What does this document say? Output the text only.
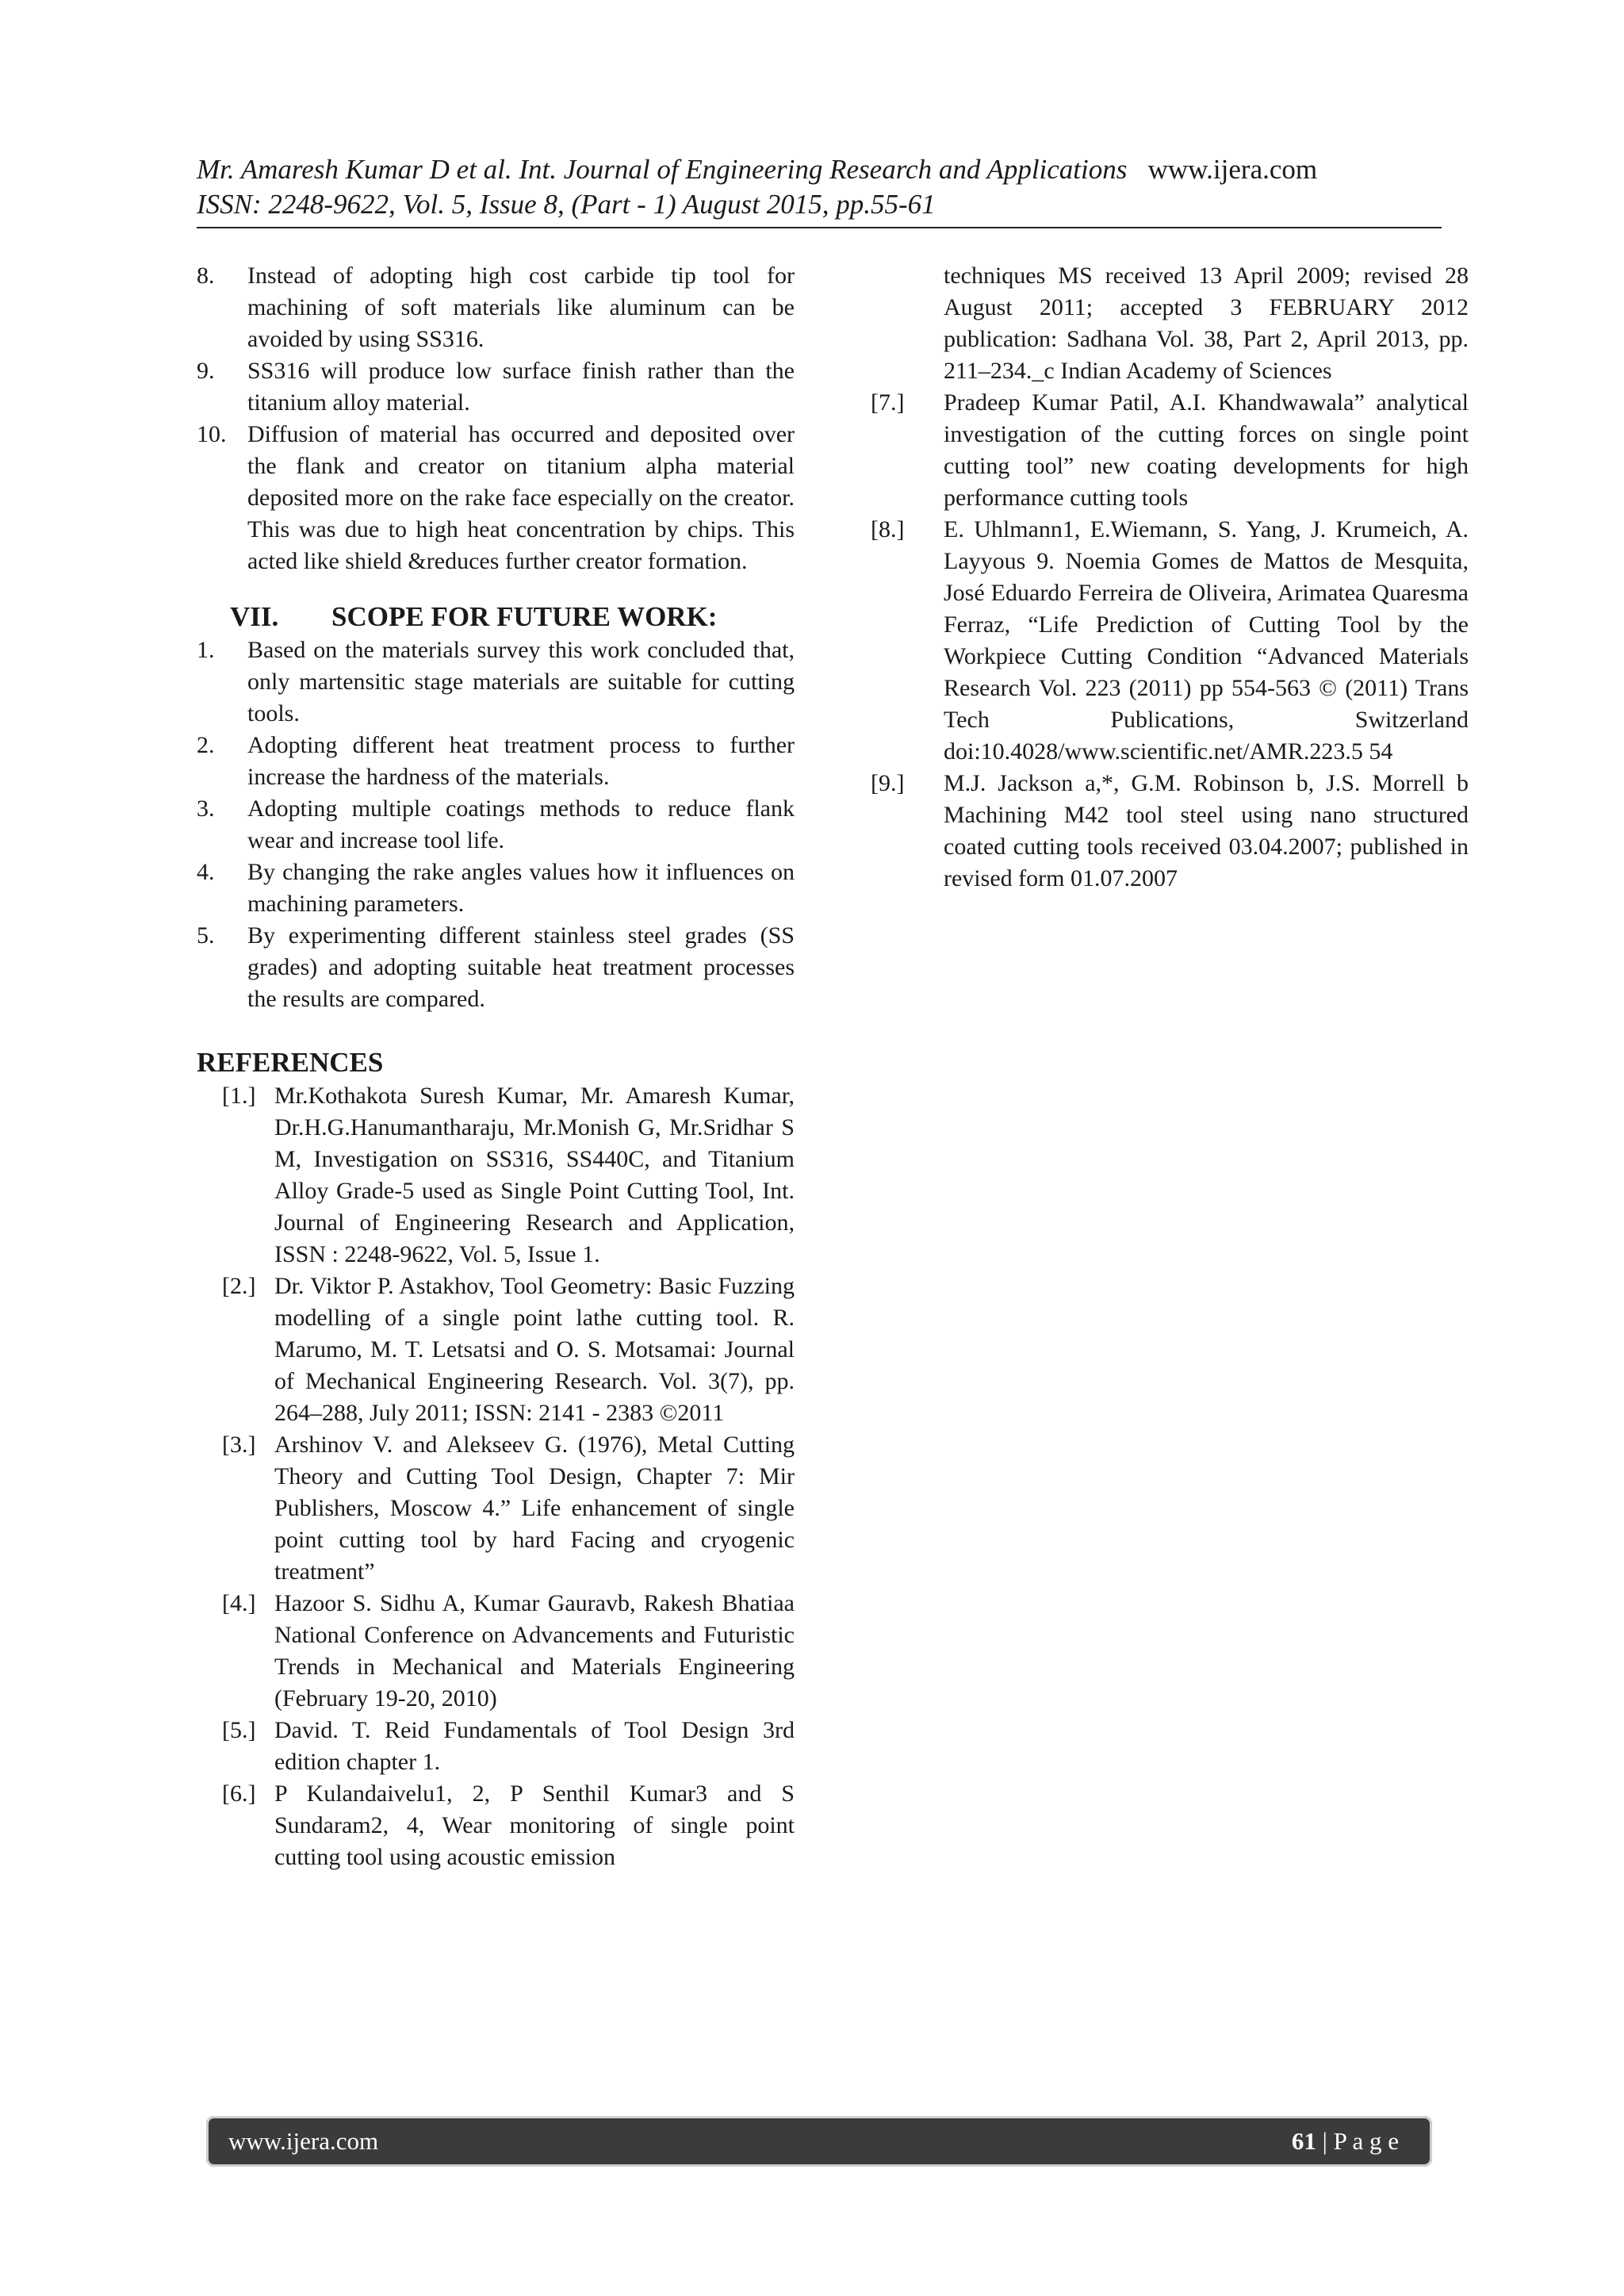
Mr. Amaresh Kumar D et al. Int. Journal of Engineering Research and Applications www.ijera.com
ISSN: 2248-9622, Vol. 5, Issue 8, (Part - 1) August 2015, pp.55-61
8.	Instead of adopting high cost carbide tip tool for machining of soft materials like aluminum can be avoided by using SS316.
9.	SS316 will produce low surface finish rather than the titanium alloy material.
10. Diffusion of material has occurred and deposited over the flank and creator on titanium alpha material deposited more on the rake face especially on the creator. This was due to high heat concentration by chips. This acted like shield &reduces further creator formation.
VII. SCOPE FOR FUTURE WORK:
1.	Based on the materials survey this work concluded that, only martensitic stage materials are suitable for cutting tools.
2.	Adopting different heat treatment process to further increase the hardness of the materials.
3.	Adopting multiple coatings methods to reduce flank wear and increase tool life.
4.	By changing the rake angles values how it influences on machining parameters.
5.	By experimenting different stainless steel grades (SS grades) and adopting suitable heat treatment processes the results are compared.
REFERENCES
[1.] Mr.Kothakota Suresh Kumar, Mr. Amaresh Kumar, Dr.H.G.Hanumantharaju, Mr.Monish G, Mr.Sridhar S M, Investigation on SS316, SS440C, and Titanium Alloy Grade-5 used as Single Point Cutting Tool, Int. Journal of Engineering Research and Application, ISSN : 2248-9622, Vol. 5, Issue 1.
[2.] Dr. Viktor P. Astakhov, Tool Geometry: Basic Fuzzing modelling of a single point lathe cutting tool. R. Marumo, M. T. Letsatsi and O. S. Motsamai: Journal of Mechanical Engineering Research. Vol. 3(7), pp. 264–288, July 2011; ISSN: 2141 - 2383 ©2011
[3.] Arshinov V. and Alekseev G. (1976), Metal Cutting Theory and Cutting Tool Design, Chapter 7: Mir Publishers, Moscow 4.” Life enhancement of single point cutting tool by hard Facing and cryogenic treatment”
[4.] Hazoor S. Sidhu A, Kumar Gauravb, Rakesh Bhatiaa National Conference on Advancements and Futuristic Trends in Mechanical and Materials Engineering (February 19-20, 2010)
[5.] David. T. Reid Fundamentals of Tool Design 3rd edition chapter 1.
[6.] P Kulandaivelu1, 2, P Senthil Kumar3 and S Sundaram2, 4, Wear monitoring of single point cutting tool using acoustic emission
techniques MS received 13 April 2009; revised 28 August 2011; accepted 3 FEBRUARY 2012 publication: Sadhana Vol. 38, Part 2, April 2013, pp. 211–234._c Indian Academy of Sciences
[7.]	Pradeep Kumar Patil, A.I. Khandwawala” analytical investigation of the cutting forces on single point cutting tool” new coating developments for high performance cutting tools
[8.]	E. Uhlmann1, E.Wiemann, S. Yang, J. Krumeich, A. Layyous 9. Noemia Gomes de Mattos de Mesquita, José Eduardo Ferreira de Oliveira, Arimatea Quaresma Ferraz, “Life Prediction of Cutting Tool by the Workpiece Cutting Condition “Advanced Materials Research Vol. 223 (2011) pp 554-563 © (2011) Trans Tech Publications, Switzerland doi:10.4028/www.scientific.net/AMR.223.5 54
[9.]	M.J. Jackson a,*, G.M. Robinson b, J.S. Morrell b Machining M42 tool steel using nano structured coated cutting tools received 03.04.2007; published in revised form 01.07.2007
www.ijera.com	61 | P a g e
